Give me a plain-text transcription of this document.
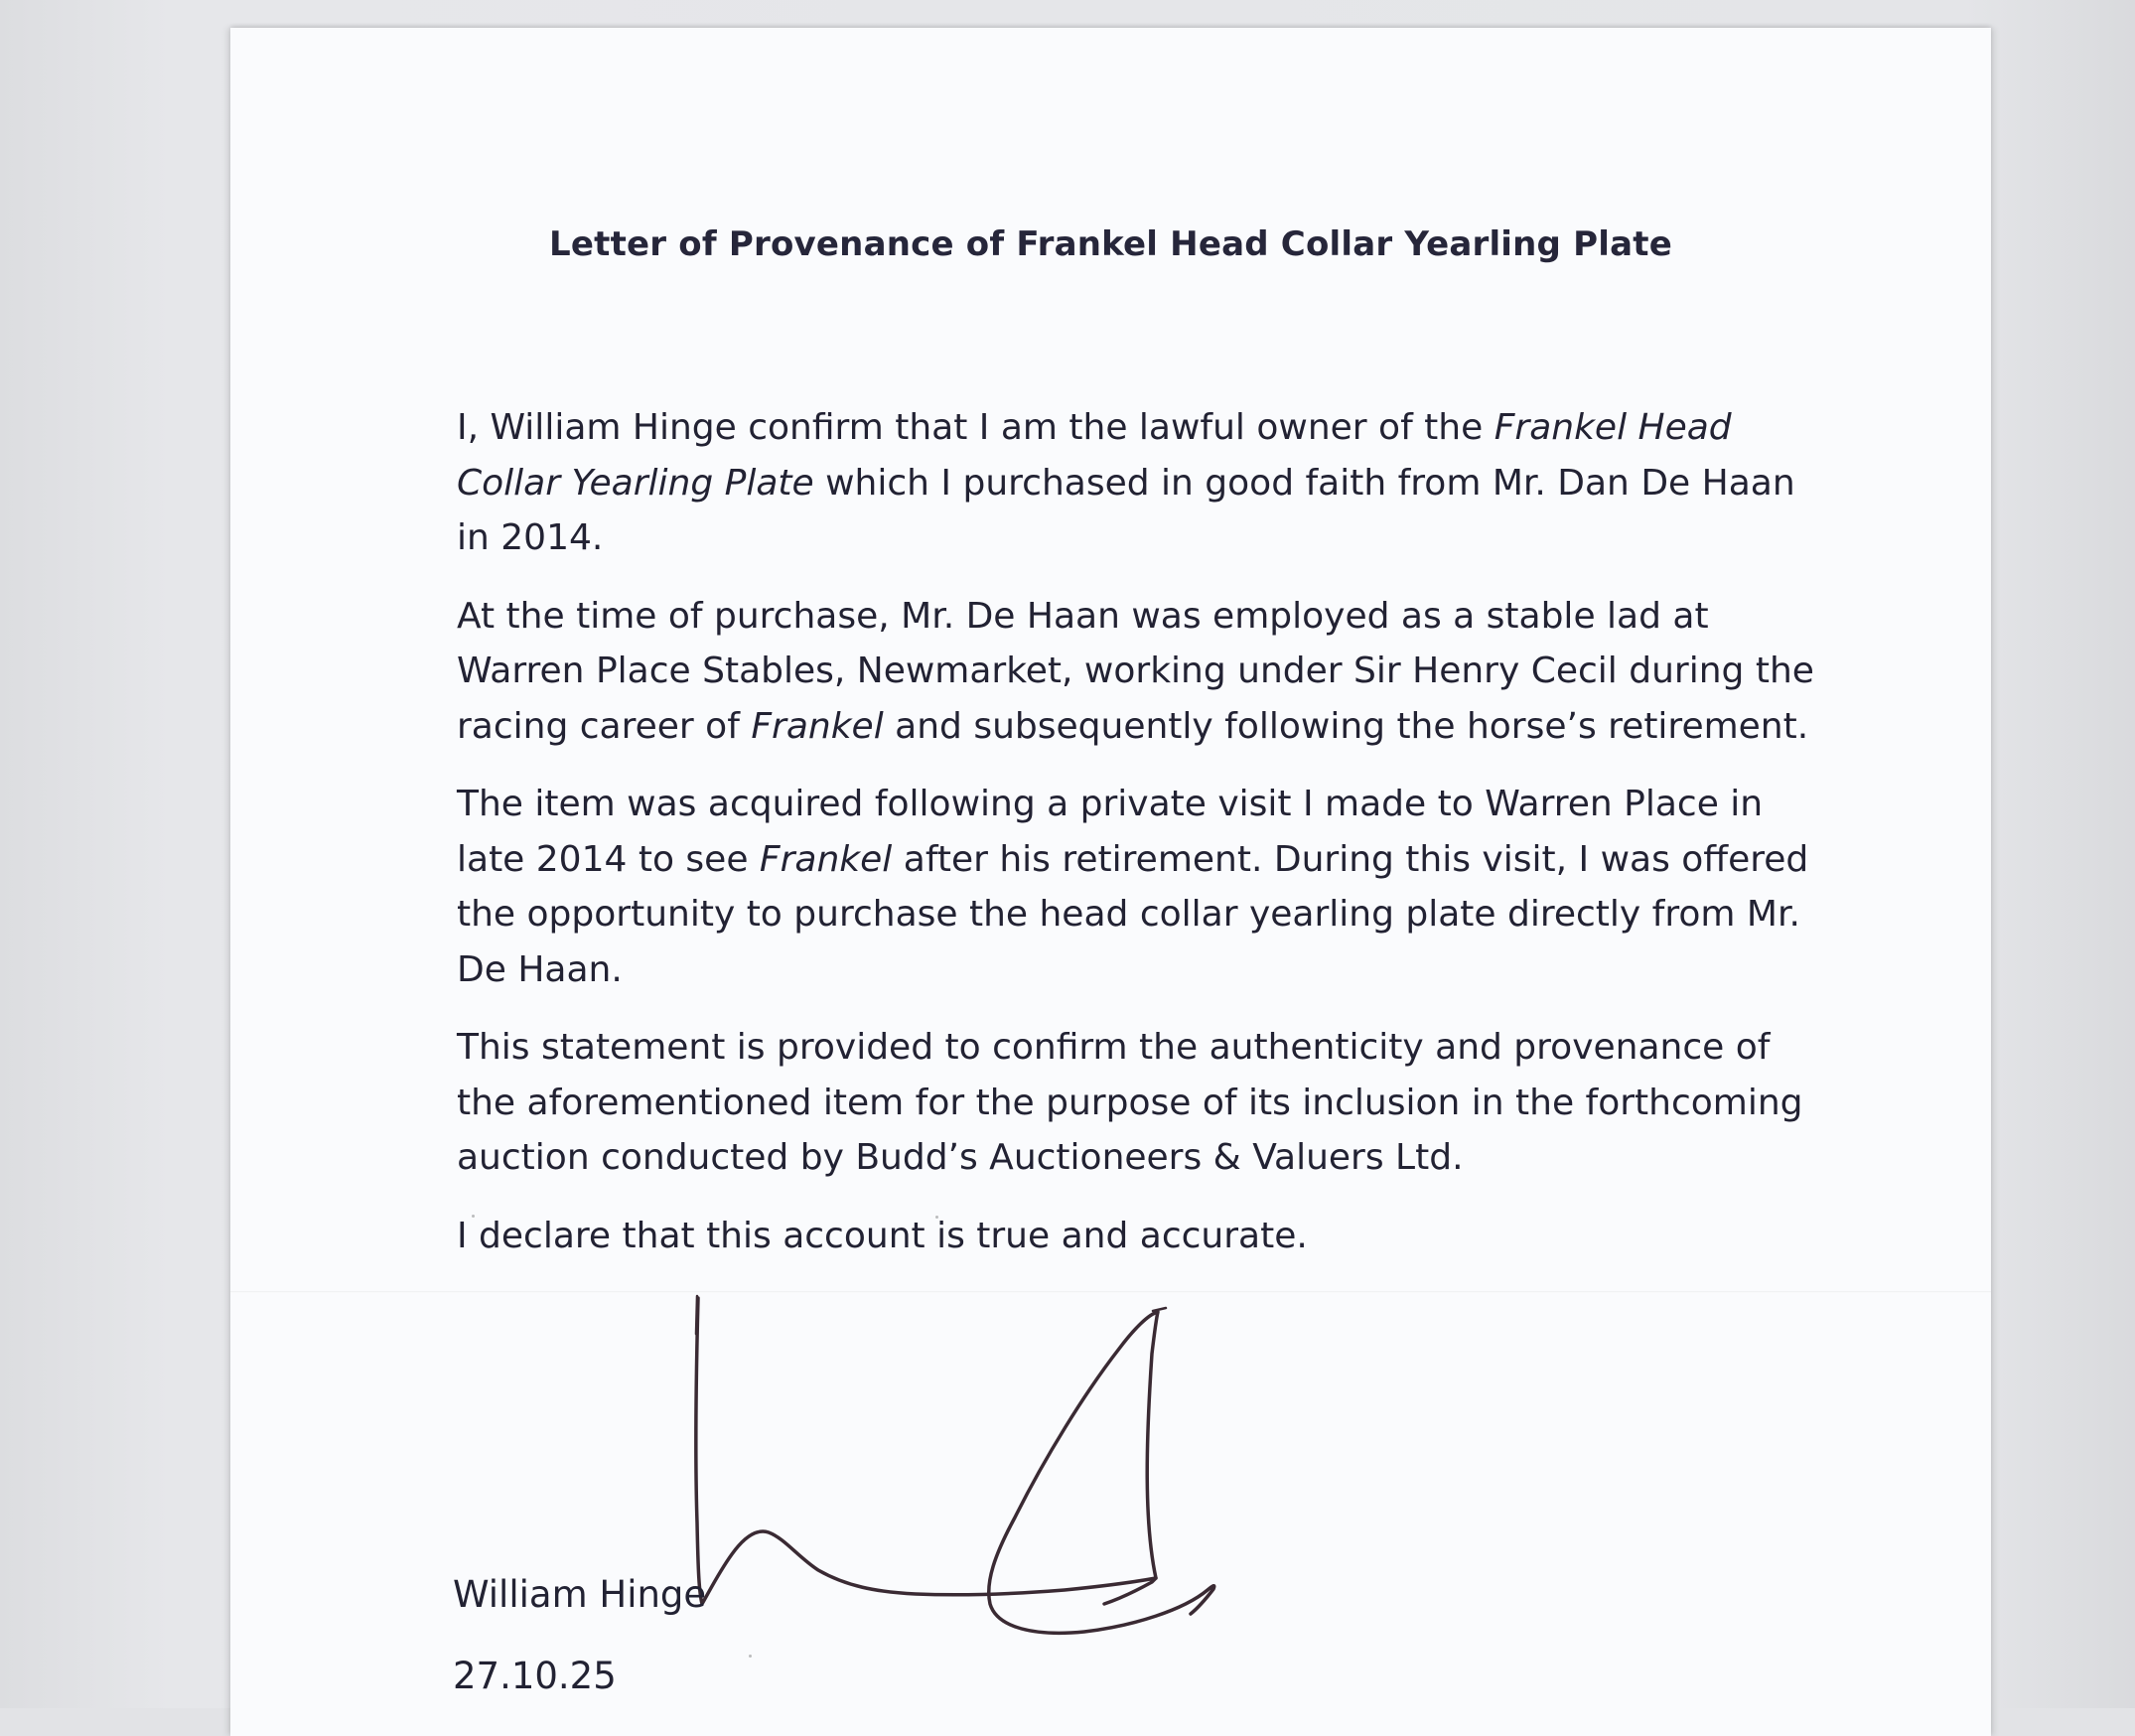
Letter of Provenance of Frankel Head Collar Yearling Plate

I, William Hinge confirm that I am the lawful owner of the Frankel Head Collar Yearling Plate which I purchased in good faith from Mr. Dan De Haan in 2014.

At the time of purchase, Mr. De Haan was employed as a stable lad at Warren Place Stables, Newmarket, working under Sir Henry Cecil during the racing career of Frankel and subsequently following the horse’s retirement.

The item was acquired following a private visit I made to Warren Place in late 2014 to see Frankel after his retirement. During this visit, I was offered the opportunity to purchase the head collar yearling plate directly from Mr. De Haan.

This statement is provided to confirm the authenticity and provenance of the aforementioned item for the purpose of its inclusion in the forthcoming auction conducted by Budd’s Auctioneers & Valuers Ltd.

I declare that this account is true and accurate.

William Hinge
27.10.25
